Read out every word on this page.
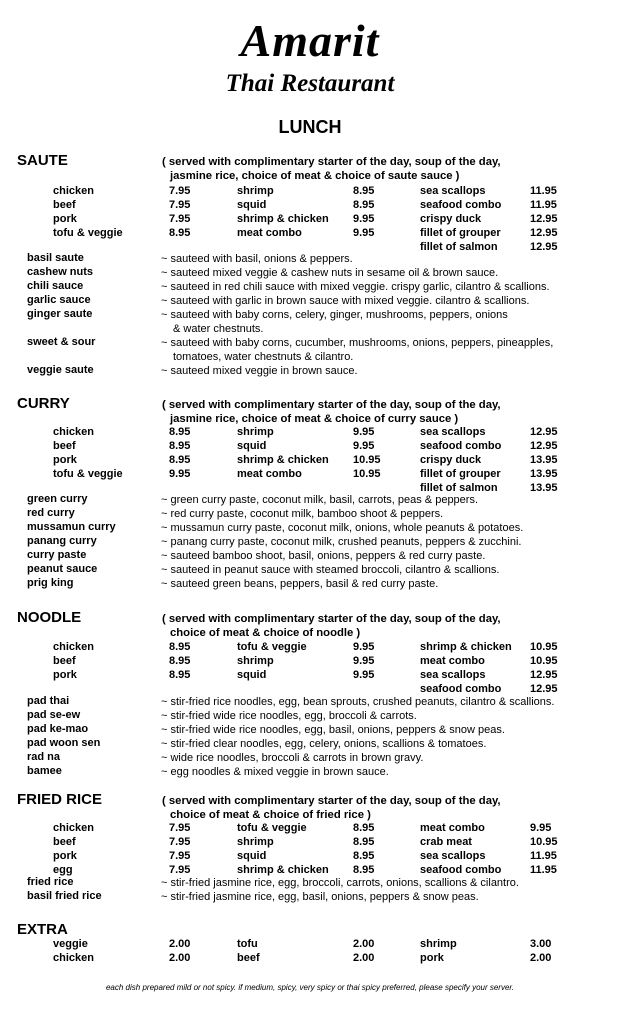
Amarit
Thai Restaurant
LUNCH
SAUTE	( served with complimentary starter of the day, soup of the day,
jasmine rice, choice of meat & choice of saute sauce )
chicken	7.95	shrimp	8.95	sea scallops	11.95
beef	7.95	squid	8.95	seafood combo	11.95
pork	7.95	shrimp & chicken 9.95	crispy duck	12.95
tofu & veggie	8.95	meat combo	9.95	fillet of grouper	12.95
fillet of salmon	12.95
basil saute	~ sauteed with basil, onions & peppers.
cashew nuts	~ sauteed mixed veggie & cashew nuts in sesame oil & brown sauce.
chili sauce	~ sauteed in red chili sauce with mixed veggie. crispy garlic, cilantro & scallions.
garlic sauce	~ sauteed with garlic in brown sauce with mixed veggie. cilantro & scallions.
ginger saute	~ sauteed with baby corns, celery, ginger, mushrooms, peppers, onions
& water chestnuts.
sweet & sour	~ sauteed with baby corns, cucumber, mushrooms, onions, peppers, pineapples,
tomatoes, water chestnuts & cilantro.
veggie saute	~ sauteed mixed veggie in brown sauce.
CURRY	( served with complimentary starter of the day, soup of the day,
jasmine rice, choice of meat & choice of curry sauce )
chicken	8.95	shrimp	9.95	sea scallops	12.95
beef	8.95	squid	9.95	seafood combo	12.95
pork	8.95	shrimp & chicken 10.95	crispy duck	13.95
tofu & veggie	9.95	meat combo	10.95	fillet of grouper	13.95
fillet of salmon	13.95
green curry	~ green curry paste, coconut milk, basil, carrots, peas & peppers.
red curry	~ red curry paste, coconut milk, bamboo shoot & peppers.
mussamun curry	~ mussamun curry paste, coconut milk, onions, whole peanuts & potatoes.
panang curry	~ panang curry paste, coconut milk, crushed peanuts, peppers & zucchini.
curry paste	~ sauteed bamboo shoot, basil, onions, peppers & red curry paste.
peanut sauce	~ sauteed in peanut sauce with steamed broccoli, cilantro & scallions.
prig king	~ sauteed green beans, peppers, basil & red curry paste.
NOODLE	( served with complimentary starter of the day, soup of the day,
choice of meat & choice of noodle )
chicken	8.95	tofu & veggie	9.95	shrimp & chicken 10.95
beef	8.95	shrimp	9.95	meat combo	10.95
pork	8.95	squid	9.95	sea scallops	12.95
seafood combo	12.95
pad thai	~ stir-fried rice noodles, egg, bean sprouts, crushed peanuts, cilantro & scallions.
pad se-ew	~ stir-fried wide rice noodles, egg, broccoli & carrots.
pad ke-mao	~ stir-fried wide rice noodles, egg, basil, onions, peppers & snow peas.
pad woon sen	~ stir-fried clear noodles, egg, celery, onions, scallions & tomatoes.
rad na	~ wide rice noodles, broccoli & carrots in brown gravy.
bamee	~ egg noodles & mixed veggie in brown sauce.
FRIED RICE	( served with complimentary starter of the day, soup of the day,
choice of meat & choice of fried rice )
chicken	7.95	tofu & veggie	8.95	meat combo	9.95
beef	7.95	shrimp	8.95	crab meat	10.95
pork	7.95	squid	8.95	sea scallops	11.95
egg	7.95	shrimp & chicken 8.95	seafood combo	11.95
fried rice	~ stir-fried jasmine rice, egg, broccoli, carrots, onions, scallions & cilantro.
basil fried rice	~ stir-fried jasmine rice, egg, basil, onions, peppers & snow peas.
EXTRA
veggie	2.00	tofu	2.00	shrimp	3.00
chicken	2.00	beef	2.00	pork	2.00
each dish prepared mild or not spicy. if medium, spicy, very spicy or thai spicy preferred, please specify your server.
